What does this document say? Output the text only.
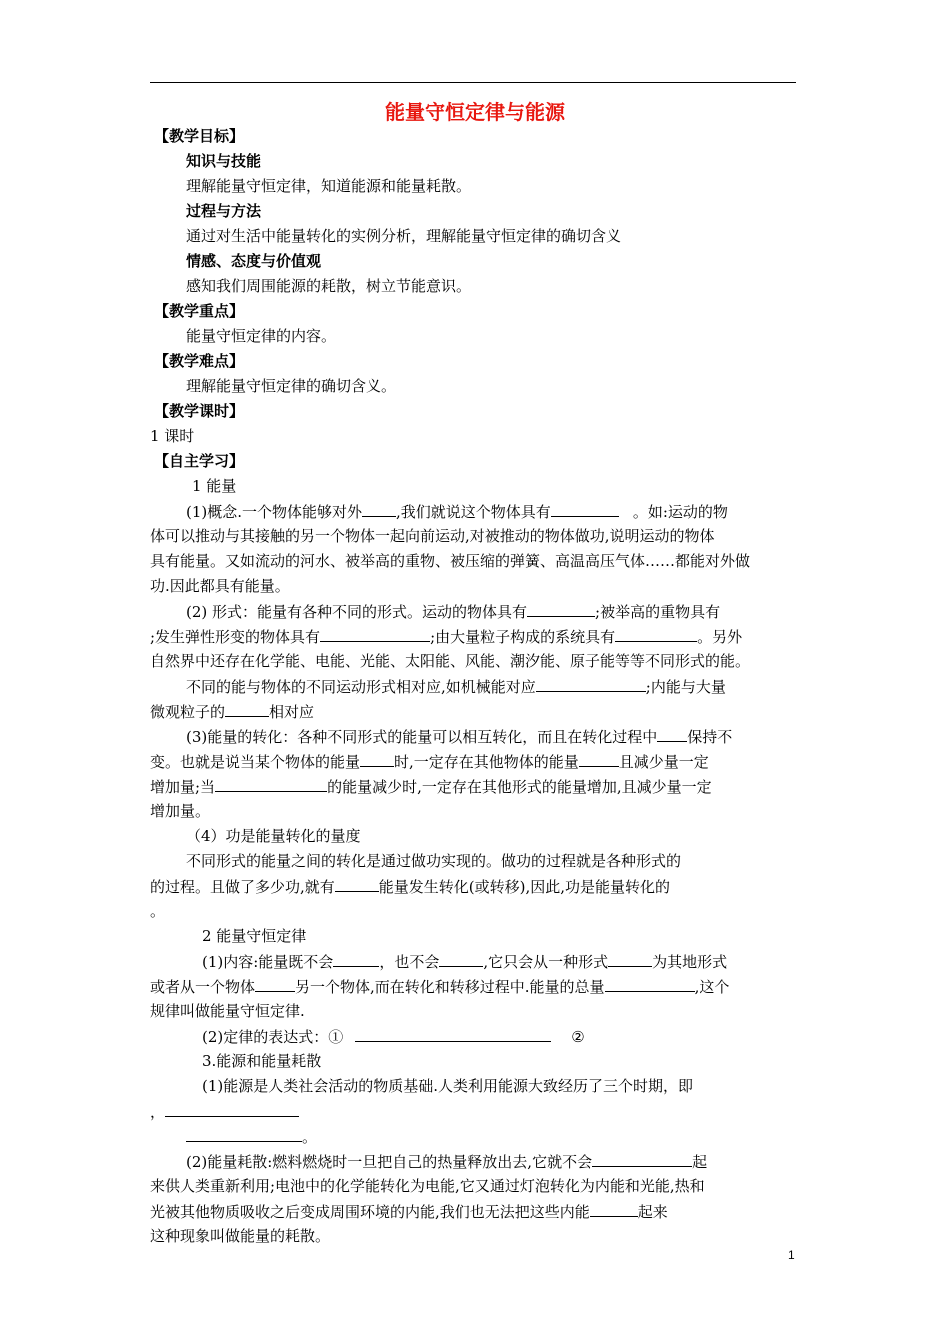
能量守恒定律与能源
【教学目标】
知识与技能
理解能量守恒定律，知道能源和能量耗散。
过程与方法
通过对生活中能量转化的实例分析，理解能量守恒定律的确切含义
情感、态度与价值观
感知我们周围能源的耗散，树立节能意识。
【教学重点】
能量守恒定律的内容。
【教学难点】
理解能量守恒定律的确切含义。
【教学课时】
1 课时
【自主学习】
1 能量
(1)概念.一个物体能够对外 ,我们就说这个物体具有	。如:运动的物
体可以推动与其接触的另一个物体一起向前运动,对被推动的物体做功,说明运动的物体
具有能量。又如流动的河水、被举高的重物、被压缩的弹簧、高温高压气体……都能对外做
功.因此都具有能量。
(2) 形式：能量有各种不同的形式。运动的物体具有	;被举高的重物具有
;发生弹性形变的物体具有	;由大量粒子构成的系统具有	。另外
自然界中还存在化学能、电能、光能、太阳能、风能、潮汐能、原子能等等不同形式的能。
不同的能与物体的不同运动形式相对应,如机械能对应	;内能与大量
微观粒子的	相对应
(3)能量的转化：各种不同形式的能量可以相互转化，而且在转化过程中 保持不
变。也就是说当某个物体的能量 时,一定存在其他物体的能量	且减少量一定
增加量;当	的能量减少时,一定存在其他形式的能量增加,且减少量一定
增加量。
（4）功是能量转化的量度
不同形式的能量之间的转化是通过做功实现的。做功的过程就是各种形式的
的过程。且做了多少功,就有	能量发生转化(或转移),因此,功是能量转化的
。
2 能量守恒定律
(1)内容:能量既不会	，也不会	,它只会从一种形式	为其地形式
或者从一个物体	另一个物体,而在转化和转移过程中.能量的总量	,这个
规律叫做能量守恒定律.
(2)定律的表达式：①	②
3.能源和能量耗散
(1)能源是人类社会活动的物质基础.人类利用能源大致经历了三个时期，即
，
。
(2)能量耗散:燃料燃烧时一旦把自己的热量释放出去,它就不会	起
来供人类重新利用;电池中的化学能转化为电能,它又通过灯泡转化为内能和光能,热和
光被其他物质吸收之后变成周围环境的内能,我们也无法把这些内能	起来
这种现象叫做能量的耗散。
1
